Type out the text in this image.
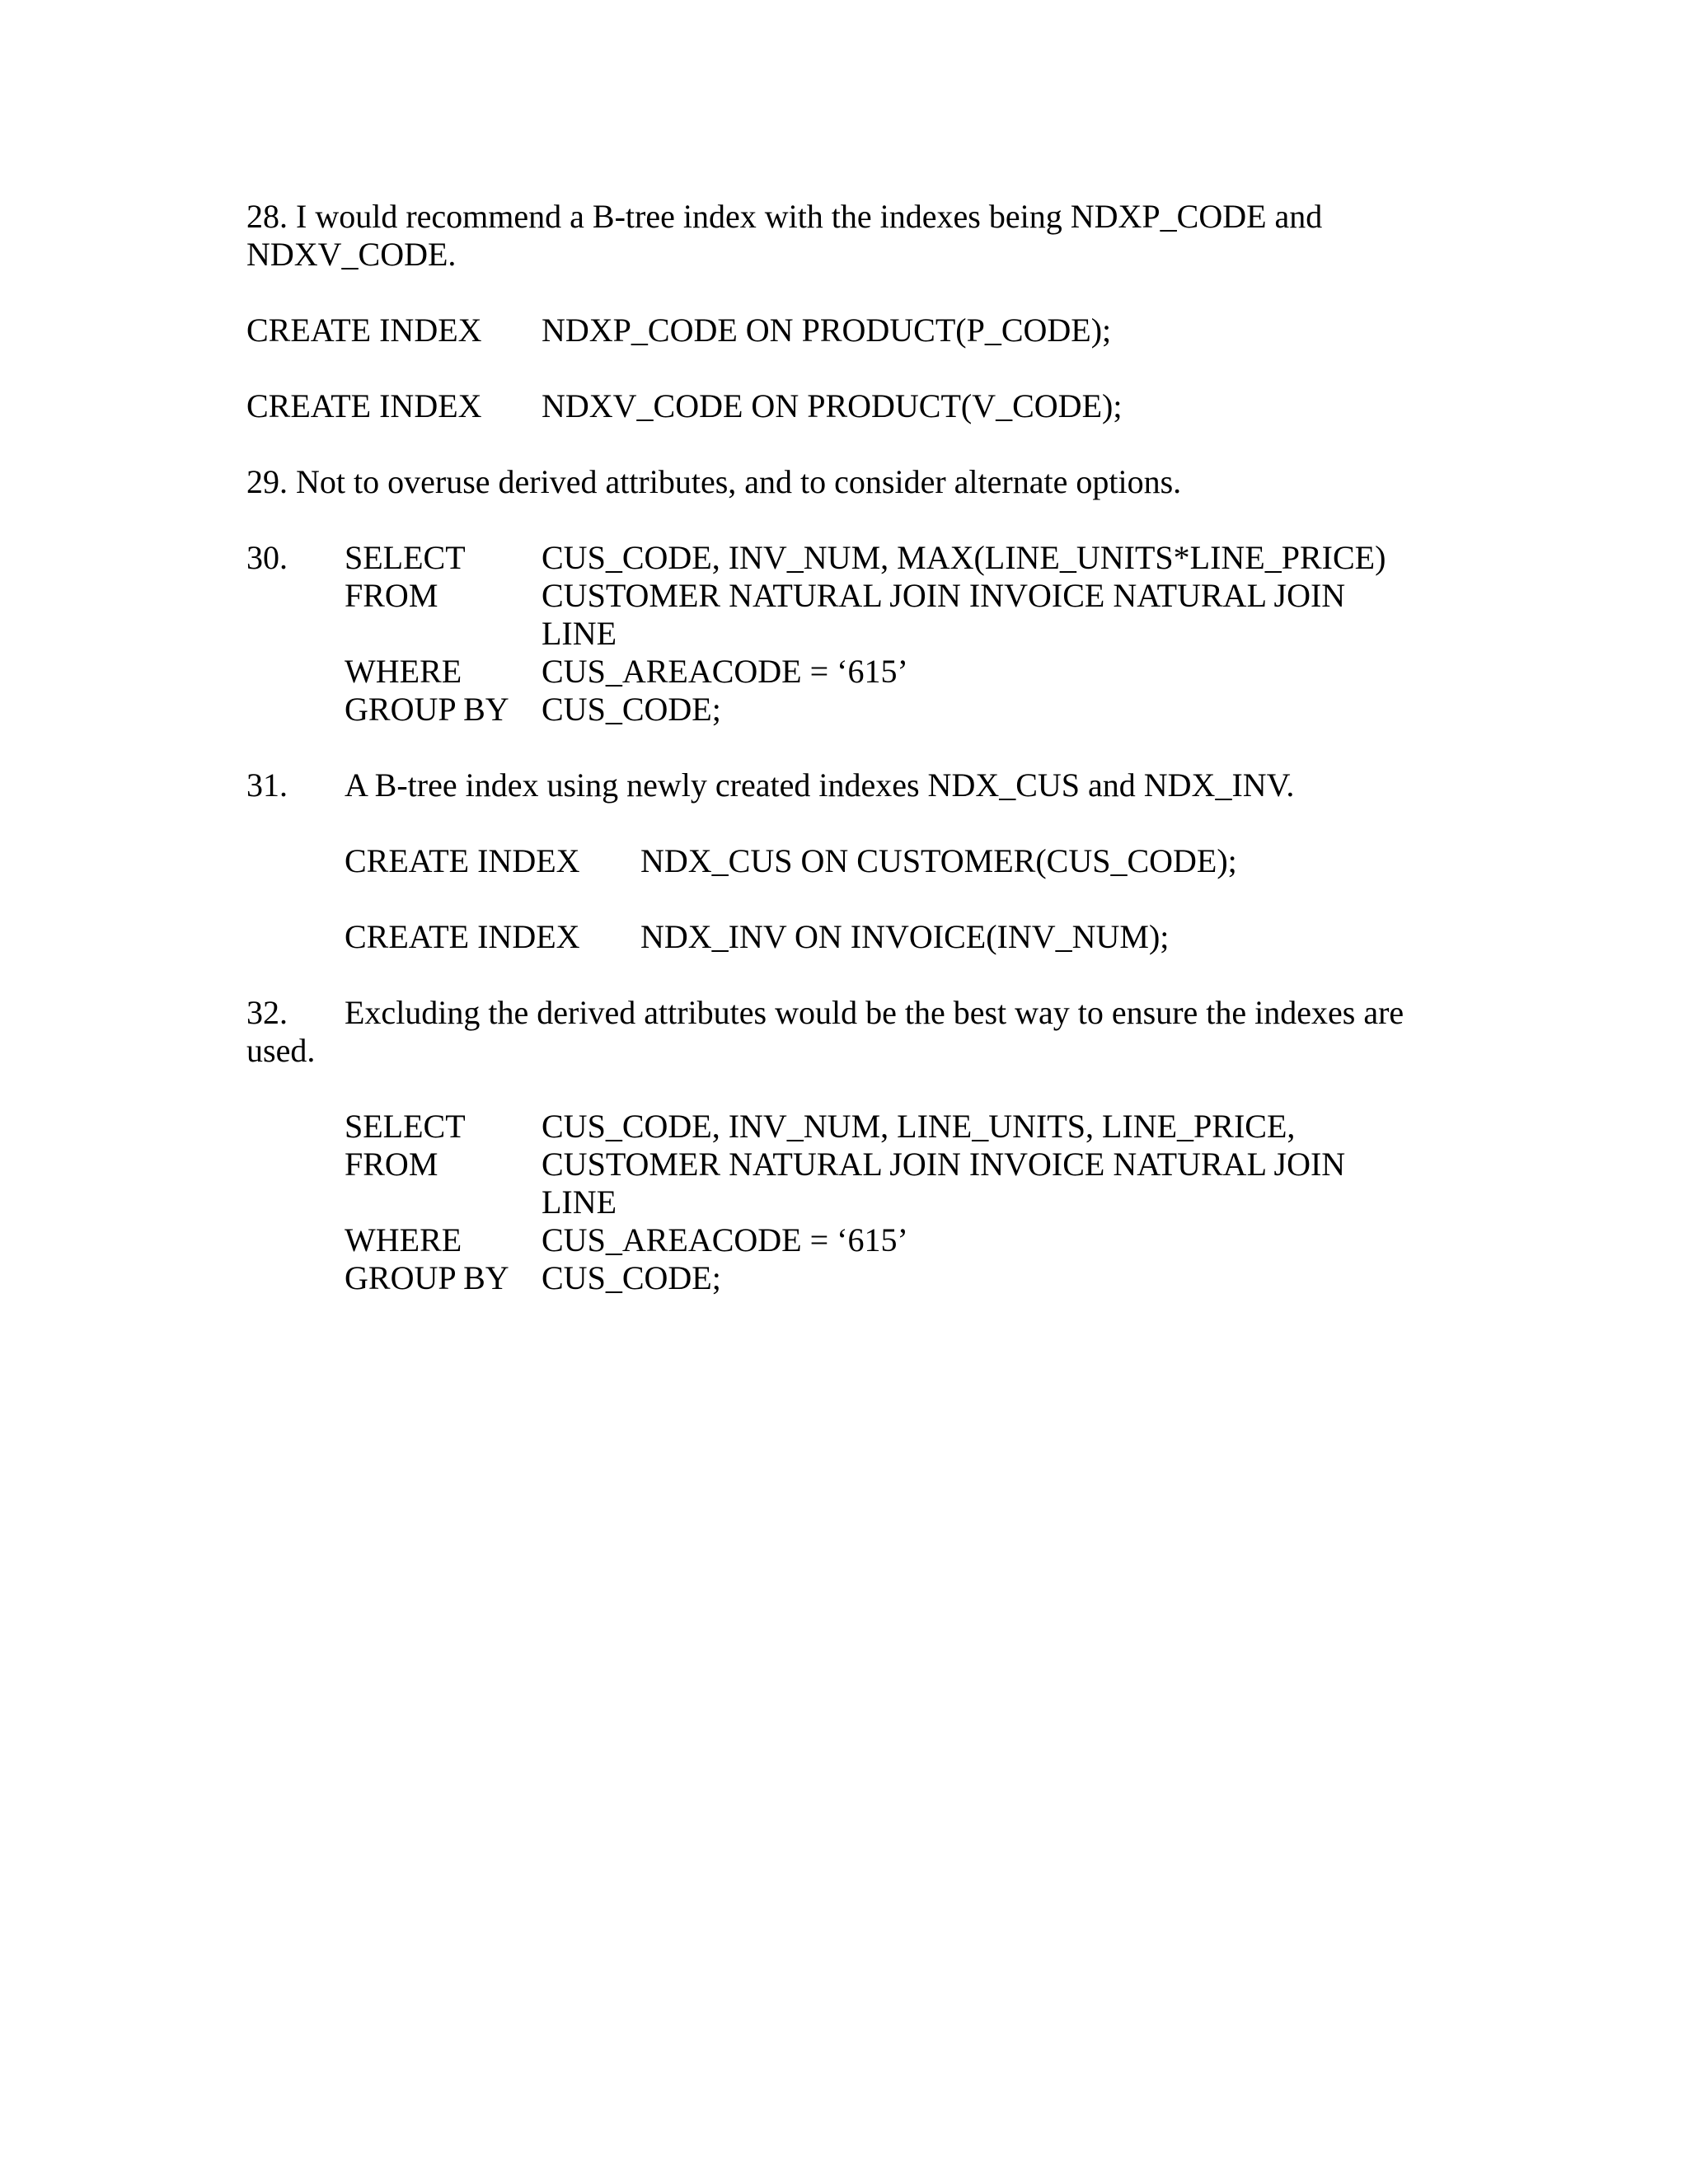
28. I would recommend a B-tree index with the indexes being NDXP_CODE and
NDXV_CODE.
CREATE INDEX NDXP_CODE ON PRODUCT(P_CODE);
CREATE INDEX NDXV_CODE ON PRODUCT(V_CODE);
29. Not to overuse derived attributes, and to consider alternate options.
30. SELECT CUS_CODE, INV_NUM, MAX(LINE_UNITS*LINE_PRICE)
FROM	CUSTOMER NATURAL JOIN INVOICE NATURAL JOIN
LINE
WHERE CUS_AREACODE = ‘615’
GROUP BY CUS_CODE;
31. A B-tree index using newly created indexes NDX_CUS and NDX_INV.
CREATE INDEX NDX_CUS ON CUSTOMER(CUS_CODE);
CREATE INDEX NDX_INV ON INVOICE(INV_NUM);
32. Excluding the derived attributes would be the best way to ensure the indexes are
used.
SELECT CUS_CODE, INV_NUM, LINE_UNITS, LINE_PRICE,
FROM	CUSTOMER NATURAL JOIN INVOICE NATURAL JOIN
LINE
WHERE CUS_AREACODE = ‘615’
GROUP BY CUS_CODE;
